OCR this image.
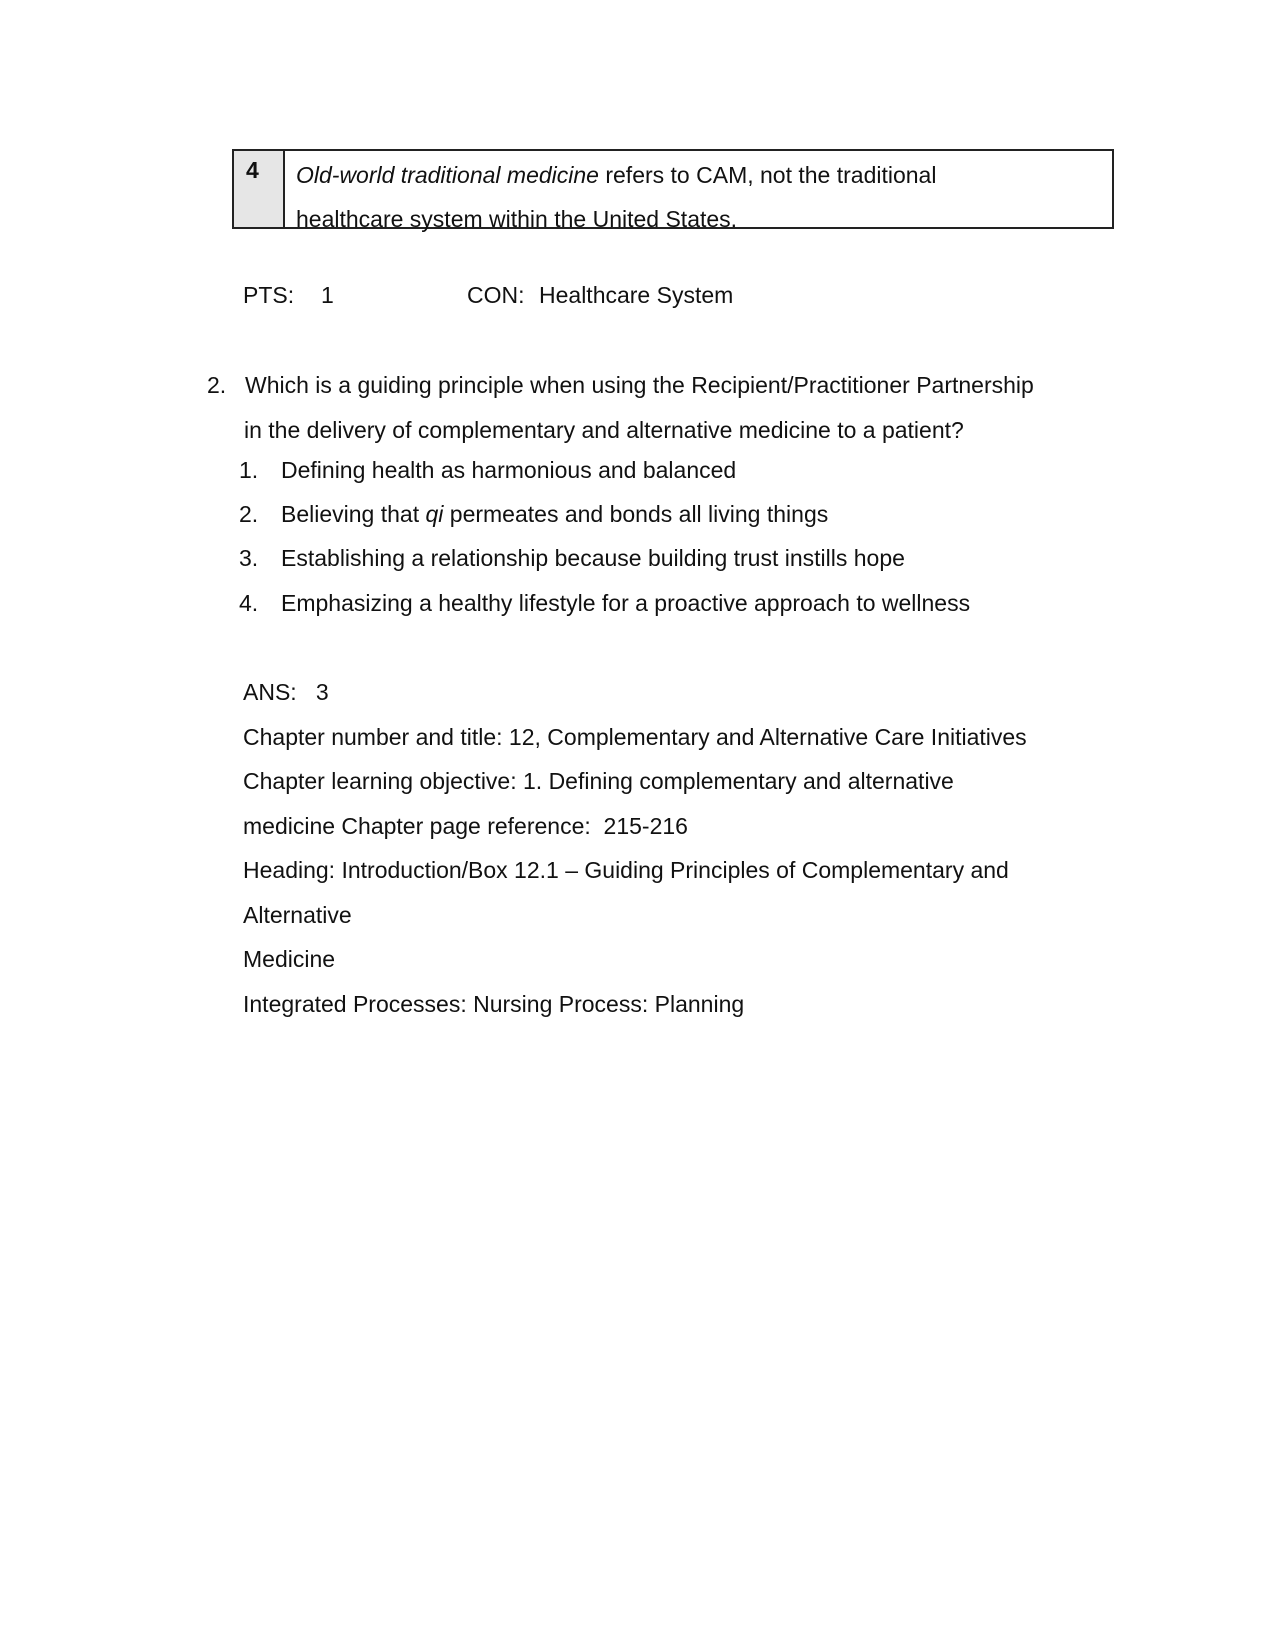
4	Old-world traditional medicine refers to CAM, not the traditional
healthcare system within the United States.
PTS: 1	CON: Healthcare System
2. Which is a guiding principle when using the Recipient/Practitioner Partnership
in the delivery of complementary and alternative medicine to a patient?
1. Defining health as harmonious and balanced
2. Believing that qi permeates and bonds all living things
3. Establishing a relationship because building trust instills hope
4. Emphasizing a healthy lifestyle for a proactive approach to wellness
ANS:   3
Chapter number and title: 12, Complementary and Alternative Care Initiatives
Chapter learning objective: 1. Defining complementary and alternative
medicine Chapter page reference:  215-216
Heading: Introduction/Box 12.1 – Guiding Principles of Complementary and
Alternative
Medicine
Integrated Processes: Nursing Process: Planning
